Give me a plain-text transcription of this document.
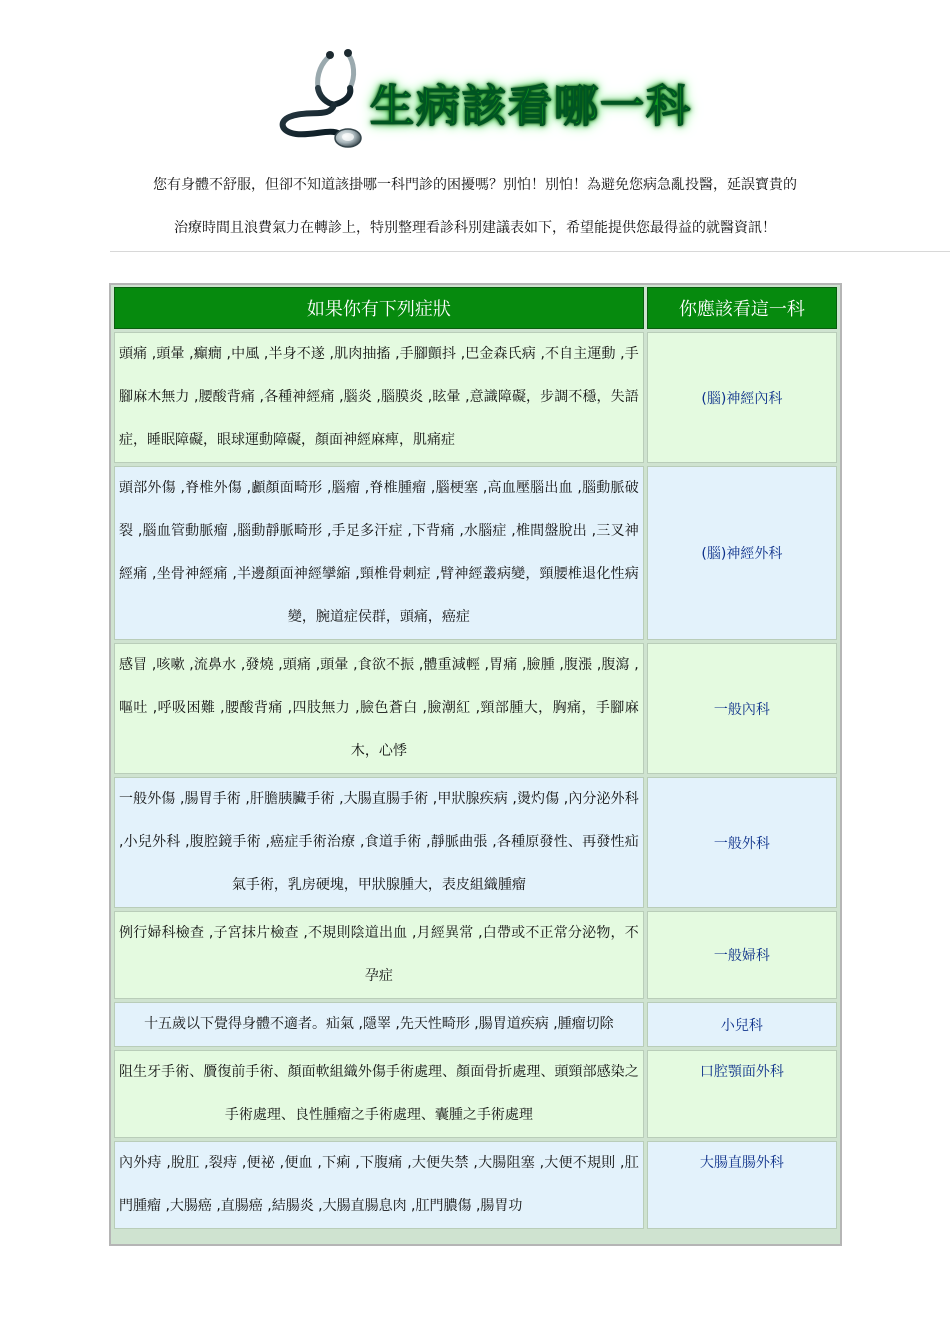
生病該看哪一科
您有身體不舒服，但卻不知道該掛哪一科門診的困擾嗎？別怕！別怕！為避免您病急亂投醫，延誤寶貴的
治療時間且浪費氣力在轉診上，特別整理看診科別建議表如下，希望能提供您最得益的就醫資訊！
如果你有下列症狀	你應該看這一科

頭痛 ,頭暈 ,癲癇 ,中風 ,半身不遂 ,肌肉抽搐 ,手腳顫抖 ,巴金森氏病 ,不自主運動 ,手腳麻木無力 ,腰酸背痛 ,各種神經痛 ,腦炎 ,腦膜炎 ,眩暈 ,意識障礙，步調不穩，失語症，睡眠障礙，眼球運動障礙，顏面神經麻痺，肌痛症	(腦)神經內科

頭部外傷 ,脊椎外傷 ,顱顏面畸形 ,腦瘤 ,脊椎腫瘤 ,腦梗塞 ,高血壓腦出血 ,腦動脈破裂 ,腦血管動脈瘤 ,腦動靜脈畸形 ,手足多汗症 ,下背痛 ,水腦症 ,椎間盤脫出 ,三叉神經痛 ,坐骨神經痛 ,半邊顏面神經攣縮 ,頸椎骨刺症 ,臂神經叢病變，頸腰椎退化性病變，腕道症侯群，頭痛，癌症	(腦)神經外科

感冒 ,咳嗽 ,流鼻水 ,發燒 ,頭痛 ,頭暈 ,食欲不振 ,體重減輕 ,胃痛 ,臉腫 ,腹漲 ,腹瀉 ,嘔吐 ,呼吸困難 ,腰酸背痛 ,四肢無力 ,臉色蒼白 ,臉潮紅 ,頸部腫大，胸痛，手腳麻木，心悸	一般內科

一般外傷 ,腸胃手術 ,肝膽胰臟手術 ,大腸直腸手術 ,甲狀腺疾病 ,燙灼傷 ,內分泌外科 ,小兒外科 ,腹腔鏡手術 ,癌症手術治療 ,食道手術 ,靜脈曲張 ,各種原發性、再發性疝氣手術，乳房硬塊，甲狀腺腫大，表皮組織腫瘤	一般外科

例行婦科檢查 ,子宮抹片檢查 ,不規則陰道出血 ,月經異常 ,白帶或不正常分泌物，不孕症	一般婦科

十五歲以下覺得身體不適者。疝氣 ,隱睪 ,先天性畸形 ,腸胃道疾病 ,腫瘤切除	小兒科

阻生牙手術、贗復前手術、顏面軟組織外傷手術處理、顏面骨折處理、頭頸部感染之手術處理、良性腫瘤之手術處理、囊腫之手術處理	口腔顎面外科

內外痔 ,脫肛 ,裂痔 ,便祕 ,便血 ,下痢 ,下腹痛 ,大便失禁 ,大腸阻塞 ,大便不規則 ,肛門腫瘤 ,大腸癌 ,直腸癌 ,結腸炎 ,大腸直腸息肉 ,肛門膿傷 ,腸胃功	大腸直腸外科
